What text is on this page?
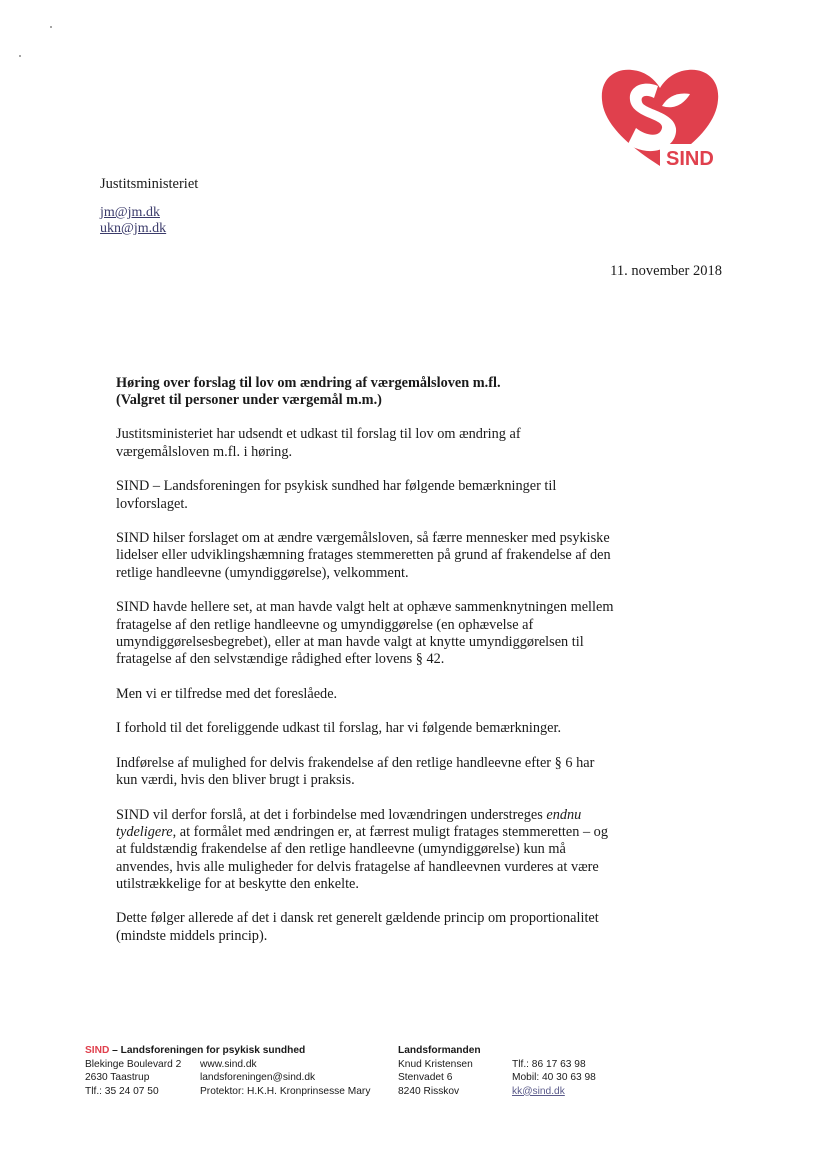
SIND
Justitsministeriet
jm@jm.dk
ukn@jm.dk
11. november 2018

Høring over forslag til lov om ændring af værgemålsloven m.fl.
(Valgret til personer under værgemål m.m.)

Justitsministeriet har udsendt et udkast til forslag til lov om ændring af værgemålsloven m.fl. i høring.

SIND – Landsforeningen for psykisk sundhed har følgende bemærkninger til lovforslaget.

SIND hilser forslaget om at ændre værgemålsloven, så færre mennesker med psykiske lidelser eller udviklingshæmning fratages stemmeretten på grund af frakendelse af den retlige handleevne (umyndiggørelse), velkomment.

SIND havde hellere set, at man havde valgt helt at ophæve sammenknytningen mellem fratagelse af den retlige handleevne og umyndiggørelse (en ophævelse af umyndiggørelsesbegrebet), eller at man havde valgt at knytte umyndiggørelsen til fratagelse af den selvstændige rådighed efter lovens § 42.

Men vi er tilfredse med det foreslåede.

I forhold til det foreliggende udkast til forslag, har vi følgende bemærkninger.

Indførelse af mulighed for delvis frakendelse af den retlige handleevne efter § 6 har kun værdi, hvis den bliver brugt i praksis.

SIND vil derfor forslå, at det i forbindelse med lovændringen understreges endnu tydeligere, at formålet med ændringen er, at færrest muligt fratages stemmeretten – og at fuldstændig frakendelse af den retlige handleevne (umyndiggørelse) kun må anvendes, hvis alle muligheder for delvis fratagelse af handleevnen vurderes at være utilstrækkelige for at beskytte den enkelte.

Dette følger allerede af det i dansk ret generelt gældende princip om proportionalitet (mindste middels princip).

SIND – Landsforeningen for psykisk sundhed
Blekinge Boulevard 2
2630 Taastrup
Tlf.: 35 24 07 50
www.sind.dk
landsforeningen@sind.dk
Protektor: H.K.H. Kronprinsesse Mary
Landsformanden
Knud Kristensen
Stenvadet 6
8240 Risskov
Tlf.: 86 17 63 98
Mobil: 40 30 63 98
kk@sind.dk
